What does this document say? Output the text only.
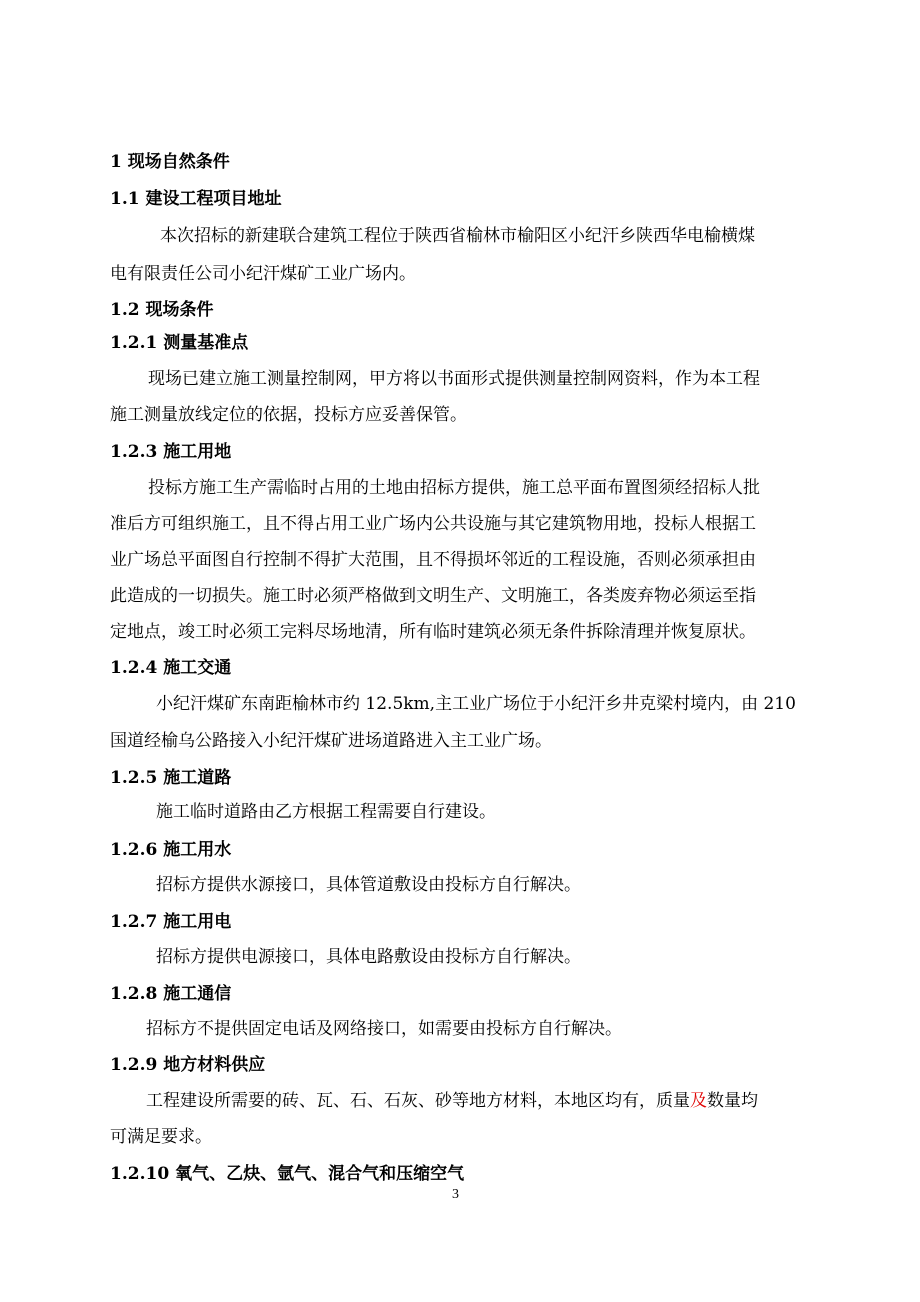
1 现场自然条件
1.1 建设工程项目地址
本次招标的新建联合建筑工程位于陕西省榆林市榆阳区小纪汗乡陕西华电榆横煤
电有限责任公司小纪汗煤矿工业广场内。
1.2 现场条件
1.2.1 测量基准点
现场已建立施工测量控制网，甲方将以书面形式提供测量控制网资料，作为本工程
施工测量放线定位的依据，投标方应妥善保管。
1.2.3 施工用地
投标方施工生产需临时占用的土地由招标方提供，施工总平面布置图须经招标人批
准后方可组织施工，且不得占用工业广场内公共设施与其它建筑物用地，投标人根据工
业广场总平面图自行控制不得扩大范围，且不得损坏邻近的工程设施，否则必须承担由
此造成的一切损失。施工时必须严格做到文明生产、文明施工，各类废弃物必须运至指
定地点，竣工时必须工完料尽场地清，所有临时建筑必须无条件拆除清理并恢复原状。
1.2.4 施工交通
小纪汗煤矿东南距榆林市约 12.5km,主工业广场位于小纪汗乡井克梁村境内，由 210
国道经榆乌公路接入小纪汗煤矿进场道路进入主工业广场。
1.2.5 施工道路
施工临时道路由乙方根据工程需要自行建设。
1.2.6 施工用水
招标方提供水源接口，具体管道敷设由投标方自行解决。
1.2.7 施工用电
招标方提供电源接口，具体电路敷设由投标方自行解决。
1.2.8 施工通信
招标方不提供固定电话及网络接口，如需要由投标方自行解决。
1.2.9 地方材料供应
工程建设所需要的砖、瓦、石、石灰、砂等地方材料，本地区均有，质量及数量均
可满足要求。
1.2.10 氧气、乙炔、氩气、混合气和压缩空气
3
